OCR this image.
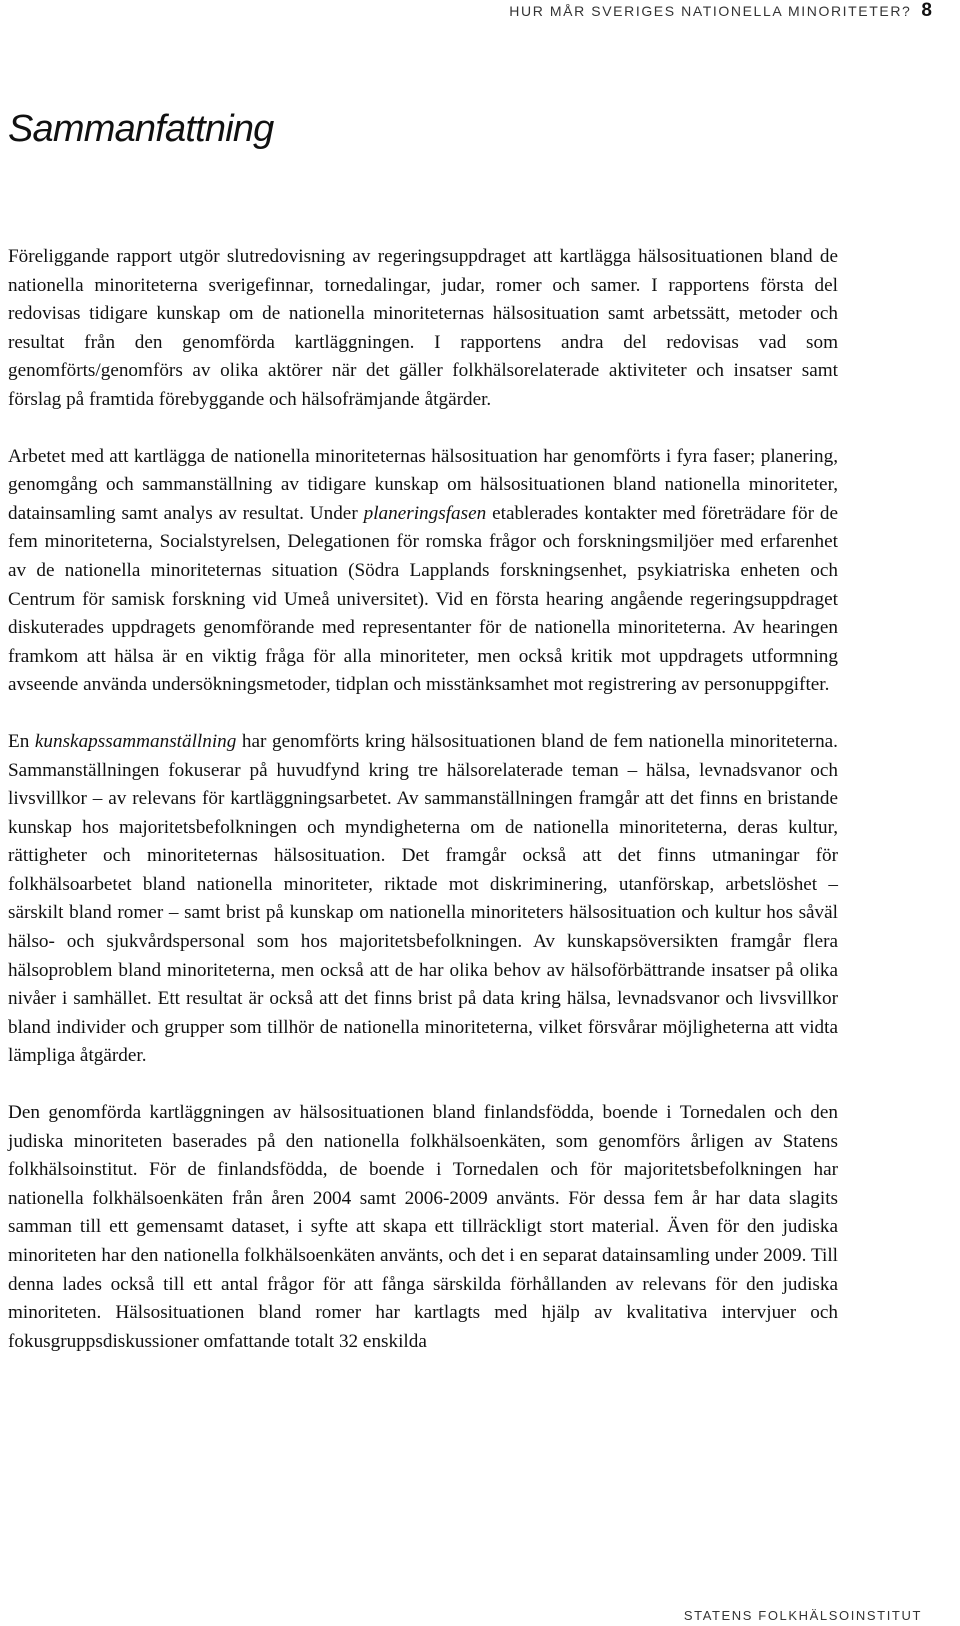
HUR MÅR SVERIGES NATIONELLA MINORITETER? 8
Sammanfattning

Föreliggande rapport utgör slutredovisning av regeringsuppdraget att kartlägga hälsosituationen bland de nationella minoriteterna sverigefinnar, tornedalingar, judar, romer och samer. I rapportens första del redovisas tidigare kunskap om de nationella minoriteternas hälsosituation samt arbetssätt, metoder och resultat från den genomförda kartläggningen. I rapportens andra del redovisas vad som genomförts/genomförs av olika aktörer när det gäller folkhälsorelaterade aktiviteter och insatser samt förslag på framtida förebyggande och hälsofrämjande åtgärder.

Arbetet med att kartlägga de nationella minoriteternas hälsosituation har genomförts i fyra faser; planering, genomgång och sammanställning av tidigare kunskap om hälsosituationen bland nationella minoriteter, datainsamling samt analys av resultat. Under planeringsfasen etablerades kontakter med företrädare för de fem minoriteterna, Socialstyrelsen, Delegationen för romska frågor och forskningsmiljöer med erfarenhet av de nationella minoriteternas situation (Södra Lapplands forskningsenhet, psykiatriska enheten och Centrum för samisk forskning vid Umeå universitet). Vid en första hearing angående regeringsuppdraget diskuterades uppdragets genomförande med representanter för de nationella minoriteterna. Av hearingen framkom att hälsa är en viktig fråga för alla minoriteter, men också kritik mot uppdragets utformning avseende använda undersökningsmetoder, tidplan och misstänksamhet mot registrering av personuppgifter.

En kunskapssammanställning har genomförts kring hälsosituationen bland de fem nationella minoriteterna. Sammanställningen fokuserar på huvudfynd kring tre hälsorelaterade teman – hälsa, levnadsvanor och livsvillkor – av relevans för kartläggningsarbetet. Av sammanställningen framgår att det finns en bristande kunskap hos majoritetsbefolkningen och myndigheterna om de nationella minoriteterna, deras kultur, rättigheter och minoriteternas hälsosituation. Det framgår också att det finns utmaningar för folkhälsoarbetet bland nationella minoriteter, riktade mot diskriminering, utanförskap, arbetslöshet – särskilt bland romer – samt brist på kunskap om nationella minoriteters hälsosituation och kultur hos såväl hälso- och sjukvårdspersonal som hos majoritetsbefolkningen. Av kunskapsöversikten framgår flera hälsoproblem bland minoriteterna, men också att de har olika behov av hälsoförbättrande insatser på olika nivåer i samhället. Ett resultat är också att det finns brist på data kring hälsa, levnadsvanor och livsvillkor bland individer och grupper som tillhör de nationella minoriteterna, vilket försvårar möjligheterna att vidta lämpliga åtgärder.

Den genomförda kartläggningen av hälsosituationen bland finlandsfödda, boende i Tornedalen och den judiska minoriteten baserades på den nationella folkhälsoenkäten, som genomförs årligen av Statens folkhälsoinstitut. För de finlandsfödda, de boende i Tornedalen och för majoritetsbefolkningen har nationella folkhälsoenkäten från åren 2004 samt 2006-2009 använts. För dessa fem år har data slagits samman till ett gemensamt dataset, i syfte att skapa ett tillräckligt stort material. Även för den judiska minoriteten har den nationella folkhälsoenkäten använts, och det i en separat datainsamling under 2009. Till denna lades också till ett antal frågor för att fånga särskilda förhållanden av relevans för den judiska minoriteten. Hälsosituationen bland romer har kartlagts med hjälp av kvalitativa intervjuer och fokusgruppsdiskussioner omfattande totalt 32 enskilda

STATENS FOLKHÄLSOINSTITUT
